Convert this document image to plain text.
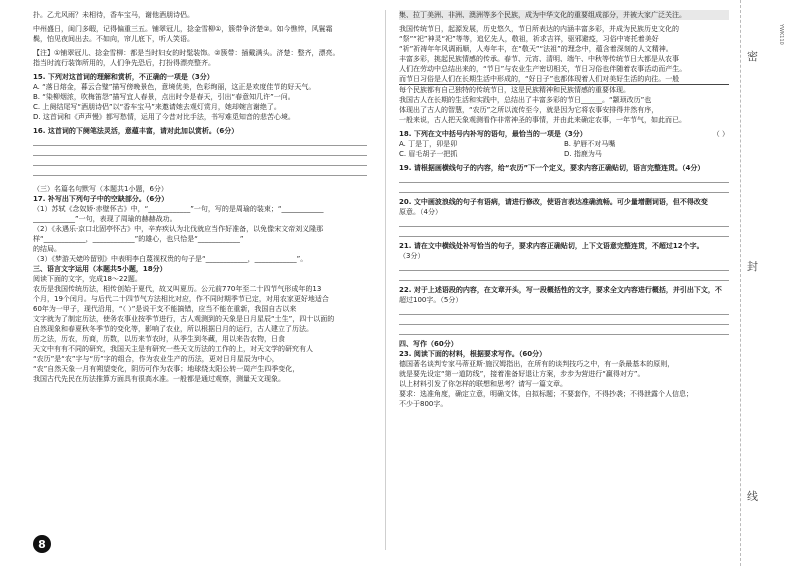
扑。乙尤风雨？未相待，香车宝马，谢他酒朋诗侣。
中州盛日，闺门多暇，记得偏重三五。铺翠冠儿，捻金雪柳①，簇带争济楚②。如今憔悴，风鬟霜
鬓，怕见夜间出去。不如向，帘儿底下，听人笑语。
【注】①铺翠冠儿、捻金雪柳：都是当时妇女的时髦装饰。②簇带：插戴满头。济楚：整齐，漂亮。
指当时流行装饰所用的，人们争先恐后，打扮得漂亮整齐。
15. 下列对这首词的理解和赏析，不正确的一项是（3分）
A. “落日熔金，暮云合璧”描写傍晚景色，意境优美，色彩绚丽，这正是欢度佳节的好天气。
B. “染柳烟浓，吹梅笛怨”描写宜人春景，点出时令是春天，引出“春意知几许”一问。
C. 上阕结尾写“酒朋诗侣”以“香车宝马”来邀请她去观灯赏月，她却婉言谢绝了。
D. 这首词和《声声慢》都写愁情，运用了今昔对比手法，书写难觅知音的悲苦心境。
16. 这首词的下阕笔法灵活，意蕴丰富，请对此加以赏析。（6分）
（三）名篇名句默写（本题共1小题，6分）
17. 补写出下列句子中的空缺部分。（6分）
（1）苏轼《念奴娇·赤壁怀古》中，“____________”一句，写的是周瑜的装束；“____________
____________”一句，表现了周瑜的赫赫战功。
（2）《永遇乐·京口北固亭怀古》中，辛弃疾认为北伐就应当作好准备，以免像宋文帝刘义隆那
样“____________，____________”的雄心，也只恰是“____________”
的结局。
（3）《梦游天姥吟留别》中表明李白蔑视权贵的句子是“____________，____________”。
三、语言文字运用（本题共5小题，18分）
阅读下面的文字，完成18～22题。
农历是我国传统历法，相传创始于夏代，故又叫夏历。公元前770年至二十四节气形成年的13
个月，19个闰月。与后代二十四节气方法相比对应，作不同时期季节已定，对用农家更好地适合
60年为一甲子，现代沿用，“（ ）”是说干支不能搞错，应当不能在重新，我国自古以来
文字就为了制定历法，使务农事业按季节进行，古人观测到的天象是日月星辰“土生”，四十以面的
自然现象和春夏秋冬季节的变化等，影响了农业，所以根据日月的运行，古人建立了历法。
历之法，历农，历商，历数，以历来节农时，从季生到冬藏，用以来告农物，日食
天文中有有不同的研究，我国天主是有研究一些天文历法的工作的上，对天文学的研究有人
“农历”是“农”字与“历”字的组合，作为农业生产的历法，更对日月星辰为中心，
“农”自然天象一月有朔望变化，阴历可作为农事；地球绕太阳公转一周产生四季变化，
我国古代先民在历法推算方面具有很高水准。一般都是通过观察，测量天文现象。
集、拉丁美洲、非洲、澳洲等多个民族，成为中华文化的重要组成部分，并被大家广泛关注。
我国传统节日，起源发展，历史悠久，节日所表达的内涵丰富多彩，并成为民族历史文化的
“祭”“祀”神灵“祀”等等，追忆先人，敬祖，祈求吉祥，驱邪避疫，习俗中寄托着美好
“祈”祈祷年年风调雨顺，人寿年丰，在“敬天”“法祖”的理念中，蕴含着深刻的人文精神。
丰富多彩，挑起民族情感的传承。春节、元宵、清明、端午、中秋等传统节日大都是从农事
人们在劳动中总结出来的，“节日”与农业生产密切相关，节日习俗也伴随着农事活动而产生。
而节日习俗是人们在长期生活中形成的，“好日子”也都体现着人们对美好生活的向往。一般
每个民族都有自己独特的传统节日，这是民族精神和民族情感的重要体现。
我国古人在长期的生活和实践中，总结出了丰富多彩的节日______。“颛顼改历”也
体现出了古人的智慧，“农历”之所以流传至今，就是因为它将农事安排得井然有序，
一般来说，古人把天象观测看作非常神圣的事情，并由此来确定农事，一年节气，如此而已。
18. 下列在文中括号内补写的语句，最恰当的一项是（3分）	（ ）
A. 丁是丁，卯是卯	B. 驴唇不对马嘴
C. 眉毛胡子一把抓	D. 指鹿为马
19. 请根据画横线句子的内容，给“农历”下一个定义，要求内容正确贴切，语言完整连贯。（4分）
20. 文中画波浪线的句子有语病，请进行修改，使语言表达准确流畅。可少量增删词语，但不得改变
原意。（4分）
21. 请在文中横线处补写恰当的句子，要求内容正确贴切，上下文语意完整连贯，不超过12个字。
（3分）
22. 对于上述语段的内容，在文章开头，写一段概括性的文字，要求全文内容进行概括，并引出下文，不
超过100字。（5分）
四、写作（60分）
23. 阅读下面的材料，根据要求写作。（60分）
德国著名谈判专家马蒂亚斯·施汉姆指出，在所有的谈判技巧之中，有一条最基本的原则，
就是要先设定“第一道防线”，接着准备好退让方案，步步为营进行“赢得对方”。
以上材料引发了你怎样的联想和思考？请写一篇文章。
要求：选准角度，确定立意，明确文体，自拟标题；不要套作，不得抄袭；不得泄露个人信息；
不少于800字。
8
YWK110
密
封
线
